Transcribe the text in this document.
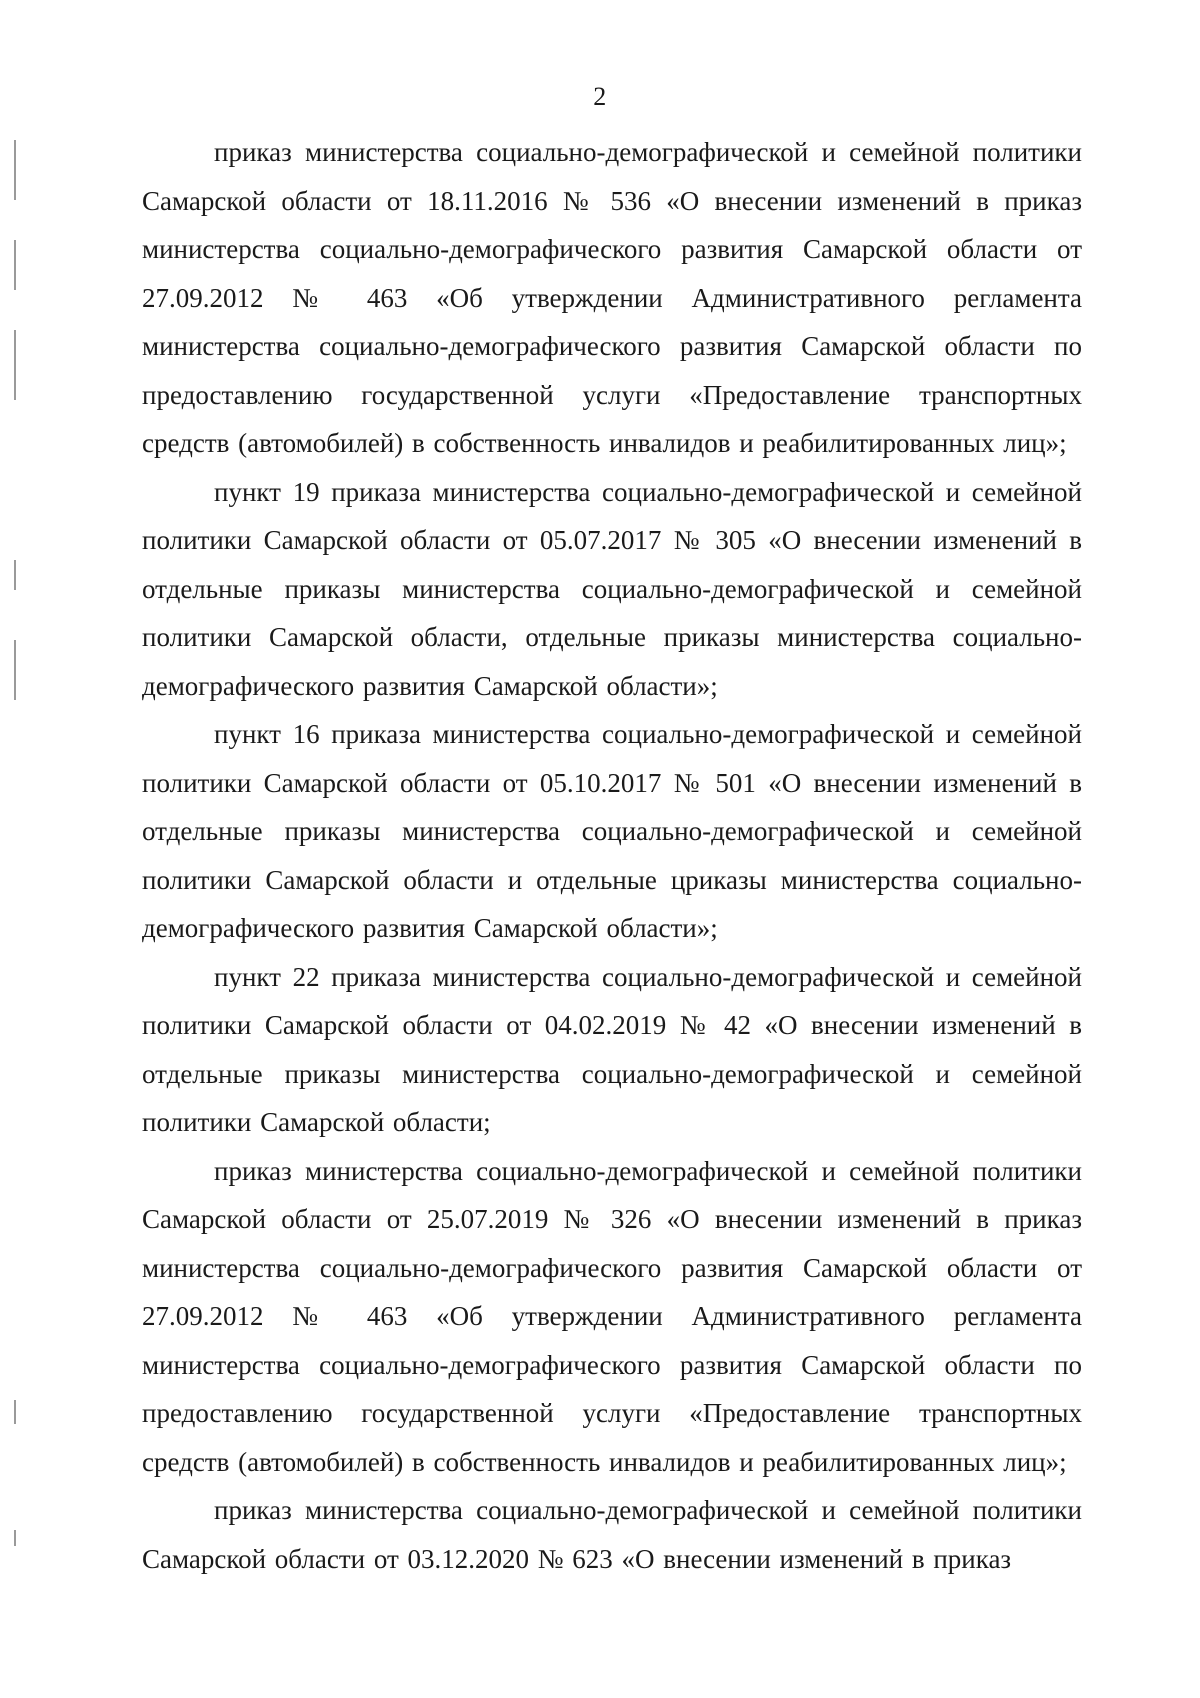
2

приказ министерства социально-демографической и семейной политики Самарской области от 18.11.2016 № 536 «О внесении изменений в приказ министерства социально-демографического развития Самарской области от 27.09.2012 № 463 «Об утверждении Административного регламента министерства социально-демографического развития Самарской области по предоставлению государственной услуги «Предоставление транспортных средств (автомобилей) в собственность инвалидов и реабилитированных лиц»;

пункт 19 приказа министерства социально-демографической и семейной политики Самарской области от 05.07.2017 № 305 «О внесении изменений в отдельные приказы министерства социально-демографической и семейной политики Самарской области, отдельные приказы министерства социально-демографического развития Самарской области»;

пункт 16 приказа министерства социально-демографической и семейной политики Самарской области от 05.10.2017 № 501 «О внесении изменений в отдельные приказы министерства социально-демографической и семейной политики Самарской области и отдельные цриказы министерства социально-демографического развития Самарской области»;

пункт 22 приказа министерства социально-демографической и семейной политики Самарской области от 04.02.2019 № 42 «О внесении изменений в отдельные приказы министерства социально-демографической и семейной политики Самарской области;

приказ министерства социально-демографической и семейной политики Самарской области от 25.07.2019 № 326 «О внесении изменений в приказ министерства социально-демографического развития Самарской области от 27.09.2012 № 463 «Об утверждении Административного регламента министерства социально-демографического развития Самарской области по предоставлению государственной услуги «Предоставление транспортных средств (автомобилей) в собственность инвалидов и реабилитированных лиц»;

приказ министерства социально-демографической и семейной политики Самарской области от 03.12.2020 № 623 «О внесении изменений в приказ
